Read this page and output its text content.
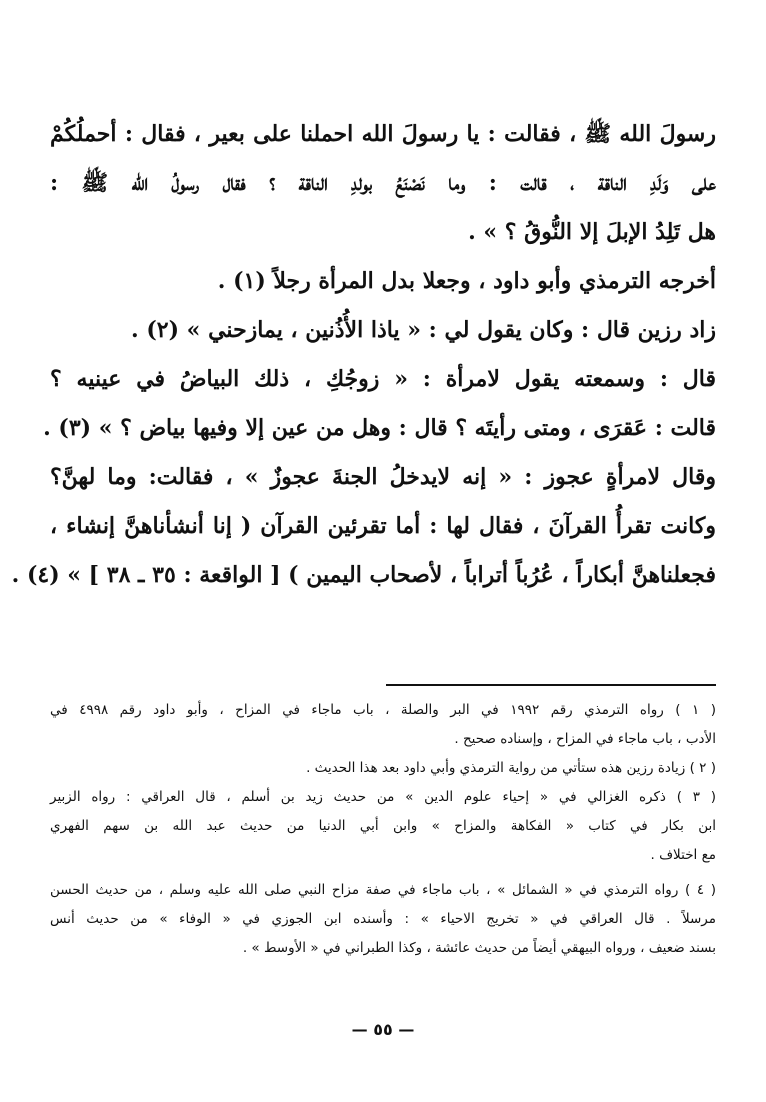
رسولَ الله ﷺ ، فقالت : يا رسولَ الله احملنا على بعير ، فقال : أحملُكُمْ
على وَلَدِ الناقة ، قالت : وما نَصْنَعُ بولدِ الناقة ؟ فقال رسولُ الله ﷺ :
هل تَلِدُ الإبلَ إلا النُّوقُ ؟ » .
أخرجه الترمذي وأبو داود ، وجعلا بدل المرأة رجلاً (١) .
زاد رزين قال : وكان يقول لي : « ياذا الأُذُنين ، يمازحني » (٢) .
قال : وسمعته يقول لامرأة : « زوجُكِ ، ذلك البياضُ في عينيه ؟
قالت : عَقرَى ، ومتى رأيتَه ؟ قال : وهل من عين إلا وفيها بياض ؟ » (٣) .
وقال لامرأةٍ عجوز : « إنه لايدخلُ الجنةَ عجوزٌ » ، فقالت: وما لهنَّ؟
وكانت تقرأُ القرآنَ ، فقال لها : أما تقرئين القرآن ( إنا أنشأناهنَّ إنشاء ،
فجعلناهنَّ أبكاراً ، عُرُباً أتراباً ، لأصحاب اليمين ) [ الواقعة : ٣٥ ـ ٣٨ ] » (٤) .
( ١ ) رواه الترمذي رقم ١٩٩٢ في البر والصلة ، باب ماجاء في المزاح ، وأبو داود رقم ٤٩٩٨ في
الأدب ، باب ماجاء في المزاح ، وإسناده صحيح .
( ٢ ) زيادة رزين هذه ستأتي من رواية الترمذي وأبي داود بعد هذا الحديث .
( ٣ ) ذكره الغزالي في « إحياء علوم الدين » من حديث زيد بن أسلم ، قال العراقي : رواه الزبير
ابن بكار في كتاب « الفكاهة والمزاح » وابن أبي الدنيا من حديث عبد الله بن سهم الفهري
مع اختلاف .
( ٤ ) رواه الترمذي في « الشمائل » ، باب ماجاء في صفة مزاح النبي صلى الله عليه وسلم ، من حديث الحسن
مرسلاً . قال العراقي في « تخريج الاحياء » : وأسنده ابن الجوزي في « الوفاء » من حديث أنس
بسند ضعيف ، ورواه البيهقي أيضاً من حديث عائشة ، وكذا الطبراني في « الأوسط » .
— ٥٥ —
